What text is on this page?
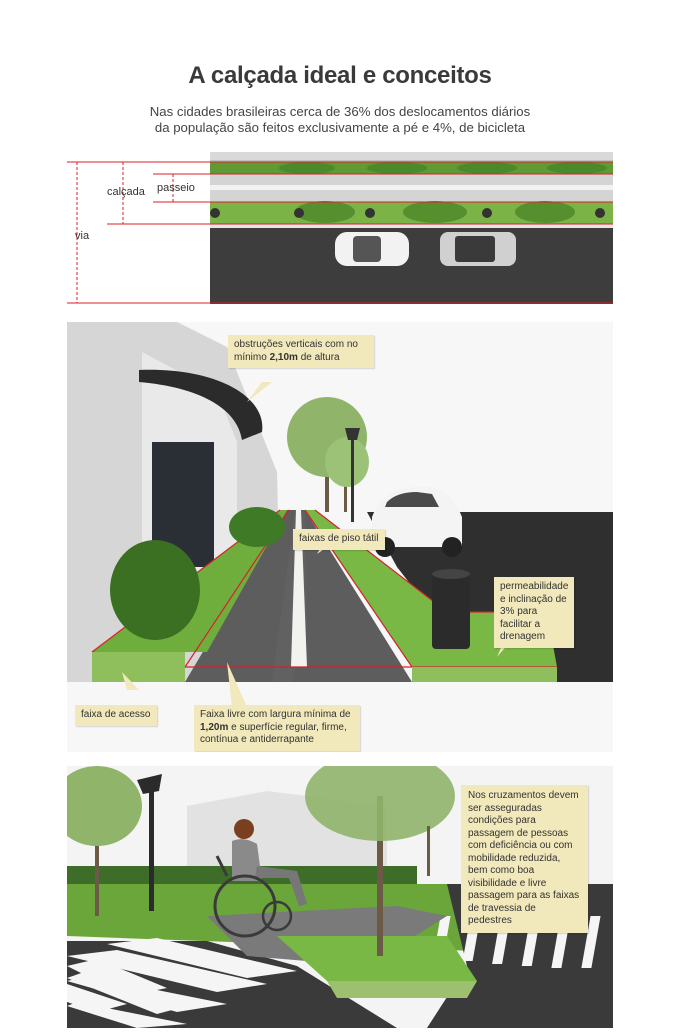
A calçada ideal e conceitos
Nas cidades brasileiras cerca de 36% dos deslocamentos diários
da população são feitos exclusivamente a pé e 4%, de bicicleta
via
calçada passeio
obstruções verticais com no mínimo 2,10m de altura
faixas de piso tátil
permeabilidade e inclinação de 3% para facilitar a drenagem
faixa de acesso	Faixa livre com largura mínima de 1,20m e superfície regular, firme, contínua e antiderrapante
Nos cruzamentos devem ser asseguradas condições para passagem de pessoas com deficiência ou com mobilidade reduzida, bem como boa visibilidade e livre passagem para as faixas de travessia de pedestres
